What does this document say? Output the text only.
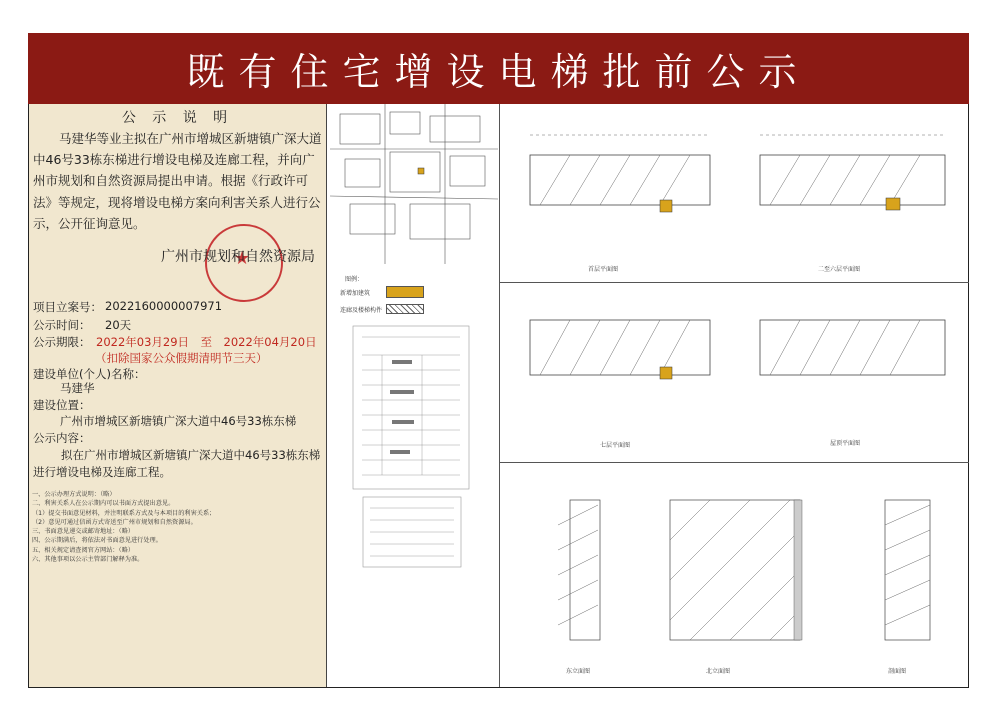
既有住宅增设电梯批前公示
公 示 说 明
马建华等业主拟在广州市增城区新塘镇广深大道中46号33栋东梯进行增设电梯及连廊工程，并向广州市规划和自然资源局提出申请。根据《行政许可法》等规定，现将增设电梯方案向利害关系人进行公示，公开征询意见。
★
广州市规划和自然资源局
项目立案号： 2022160000007971
公示时间： 20天
公示期限： 2022年03月29日　至　2022年04月20日
（扣除国家公众假期清明节三天）
建设单位(个人)名称：
马建华
建设位置：
广州市增城区新塘镇广深大道中46号33栋东梯
公示内容：
拟在广州市增城区新塘镇广深大道中46号33栋东梯进行增设电梯及连廊工程。
一、公示办理方式说明：（略）
二、利害关系人在公示期内可以书面方式提出意见。
（1）提交书面意见材料，并注明联系方式及与本项目的利害关系；
（2）意见可通过信函方式寄送至广州市规划和自然资源局。
三、书面意见递交或邮寄地址：（略）
四、公示期满后，将依法对书面意见进行处理。
五、相关规定请查阅官方网站：（略）
六、其他事项以公示主管部门解释为准。
图例：
新增加建筑
连廊及楼梯构件
首层平面图	二至六层平面图
七层平面图	屋顶平面图
东立面图	北立面图	剖面图
